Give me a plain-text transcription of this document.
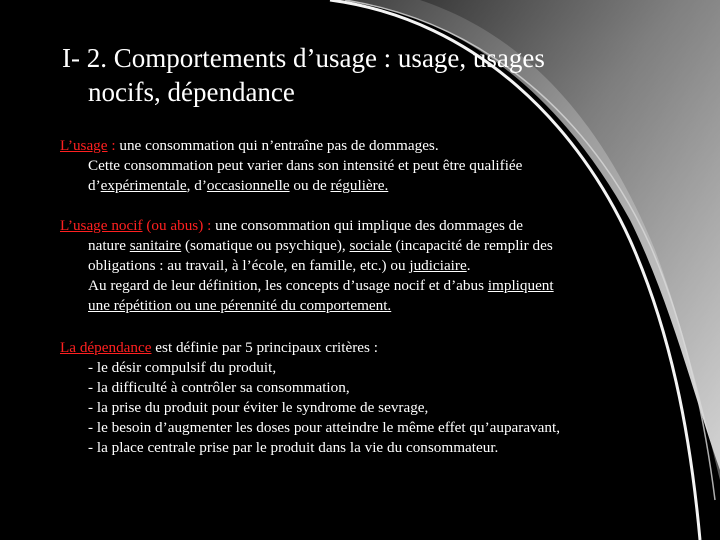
I- 2. Comportements d’usage : usage, usages
nocifs, dépendance
L’usage : une consommation qui n’entraîne pas de dommages.
Cette consommation peut varier dans son intensité et peut être qualifiée
d’expérimentale, d’occasionnelle ou de régulière.
L’usage nocif (ou abus) : une consommation qui implique des dommages de
nature sanitaire (somatique ou psychique), sociale (incapacité de remplir des
obligations : au travail, à l’école, en famille, etc.) ou judiciaire.
Au regard de leur définition, les concepts d’usage nocif et d’abus impliquent
une répétition ou une pérennité du comportement.
La dépendance est définie par 5 principaux critères :
- le désir compulsif du produit,
- la difficulté à contrôler sa consommation,
- la prise du produit pour éviter le syndrome de sevrage,
- le besoin d’augmenter les doses pour atteindre le même effet qu’auparavant,
- la place centrale prise par le produit dans la vie du consommateur.
